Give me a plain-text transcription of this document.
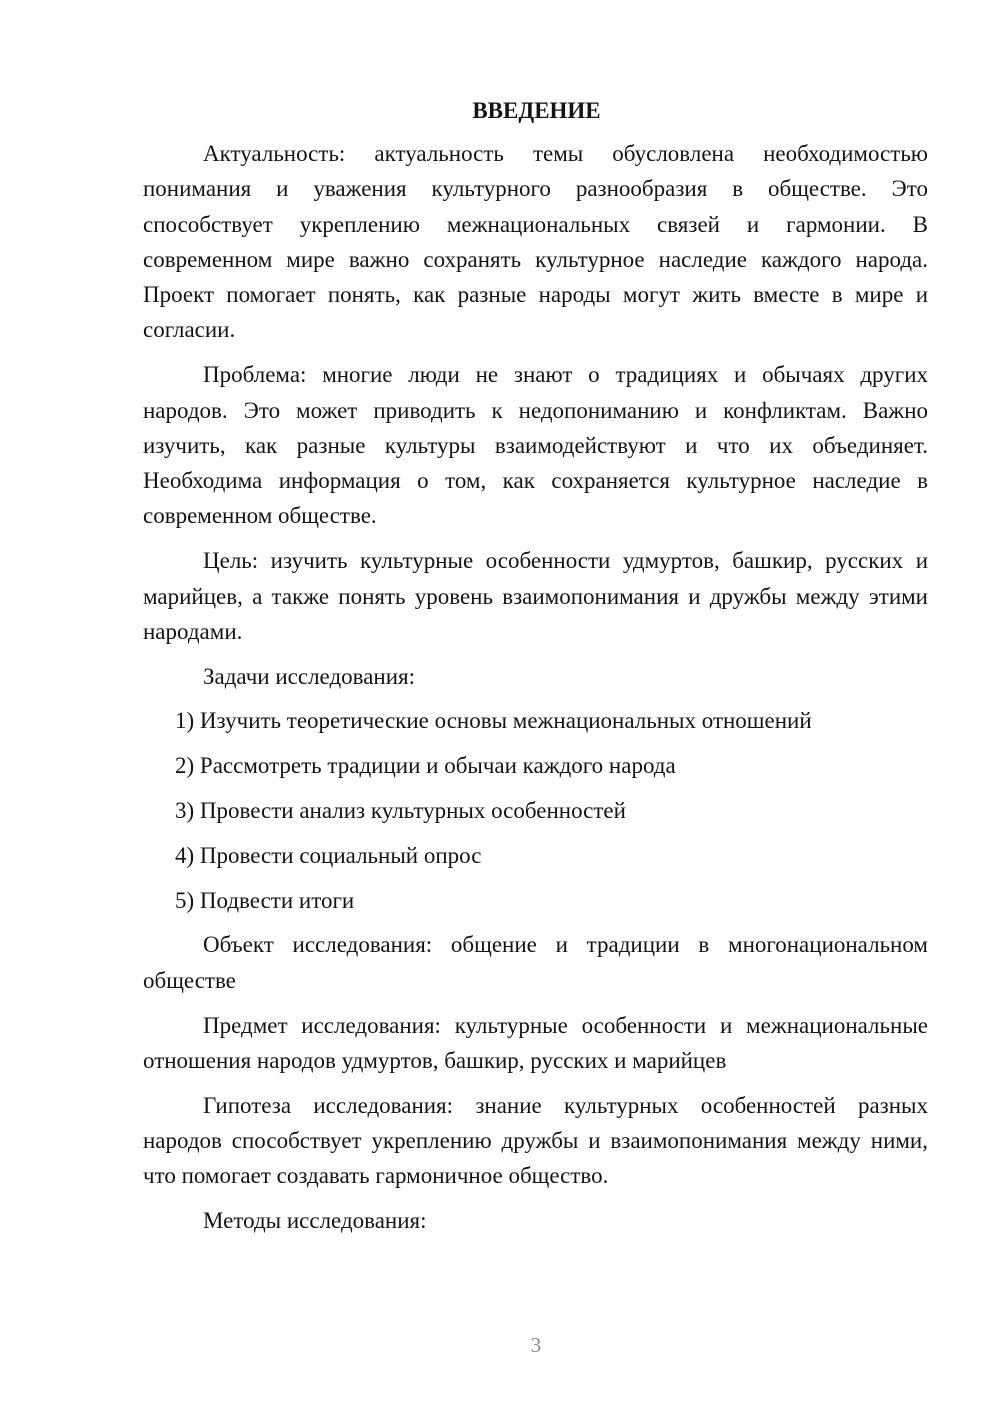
ВВЕДЕНИЕ

Актуальность: актуальность темы обусловлена необходимостью понимания и уважения культурного разнообразия в обществе. Это способствует укреплению межнациональных связей и гармонии. В современном мире важно сохранять культурное наследие каждого народа. Проект помогает понять, как разные народы могут жить вместе в мире и согласии.

Проблема: многие люди не знают о традициях и обычаях других народов. Это может приводить к недопониманию и конфликтам. Важно изучить, как разные культуры взаимодействуют и что их объединяет. Необходима информация о том, как сохраняется культурное наследие в современном обществе.

Цель: изучить культурные особенности удмуртов, башкир, русских и марийцев, а также понять уровень взаимопонимания и дружбы между этими народами.

Задачи исследования:

1) Изучить теоретические основы межнациональных отношений

2) Рассмотреть традиции и обычаи каждого народа

3) Провести анализ культурных особенностей

4) Провести социальный опрос

5) Подвести итоги

Объект исследования: общение и традиции в многонациональном обществе

Предмет исследования: культурные особенности и межнациональные отношения народов удмуртов, башкир, русских и марийцев

Гипотеза исследования: знание культурных особенностей разных народов способствует укреплению дружбы и взаимопонимания между ними, что помогает создавать гармоничное общество.

Методы исследования:

3
